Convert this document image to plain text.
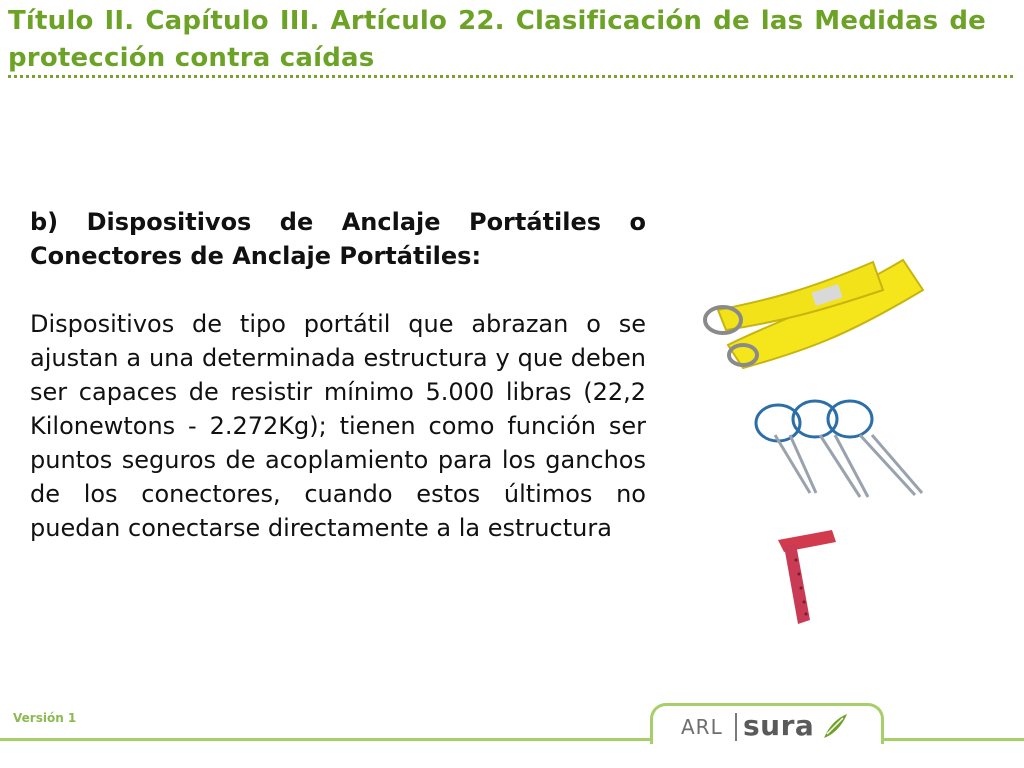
Título II. Capítulo III. Artículo 22. Clasificación de las Medidas de protección contra caídas

b) Dispositivos de Anclaje Portátiles o Conectores de Anclaje Portátiles:

Dispositivos de tipo portátil que abrazan o se ajustan a una determinada estructura y que deben ser capaces de resistir mínimo 5.000 libras (22,2 Kilonewtons - 2.272Kg); tienen como función ser puntos seguros de acoplamiento para los ganchos de los conectores, cuando estos últimos no puedan conectarse directamente a la estructura

Versión 1	ARL sura
